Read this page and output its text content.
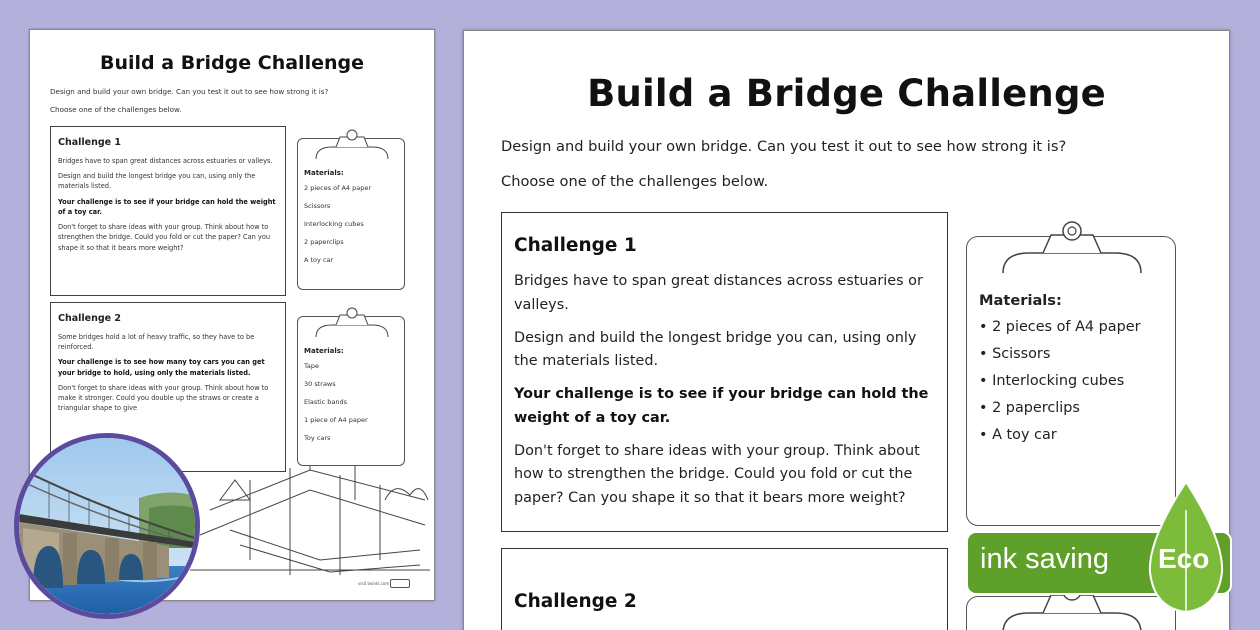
Build a Bridge Challenge
Design and build your own bridge. Can you test it out to see how strong it is?
Choose one of the challenges below.
Challenge 1

Bridges have to span great distances across estuaries or valleys.

Design and build the longest bridge you can, using only the materials listed.

Your challenge is to see if your bridge can hold the weight of a toy car.

Don't forget to share ideas with your group. Think about how to strengthen the bridge. Could you fold or cut the paper? Can you shape it so that it bears more weight?

Materials:
2 pieces of A4 paper
Scissors
Interlocking cubes
2 paperclips
A toy car
Challenge 2

Some bridges hold a lot of heavy traffic, so they have to be reinforced.

Your challenge is to see how many toy cars you can get your bridge to hold, using only the materials listed.

Don't forget to share ideas with your group. Think about how to make it stronger. Could you double up the straws or create a triangular shape to give

Materials:
Tape
30 straws
Elastic bands
1 piece of A4 paper
Toy cars
visit twinkl.com
Build a Bridge Challenge
Design and build your own bridge. Can you test it out to see how strong it is?
Choose one of the challenges below.
Challenge 1

Bridges have to span great distances across estuaries or valleys.

Design and build the longest bridge you can, using only the materials listed.

Your challenge is to see if your bridge can hold the weight of a toy car.

Don't forget to share ideas with your group. Think about how to strengthen the bridge. Could you fold or cut the paper? Can you shape it so that it bears more weight?

Materials:
• 2 pieces of A4 paper
• Scissors
• Interlocking cubes
• 2 paperclips
• A toy car
Challenge 2
ink saving Eco
